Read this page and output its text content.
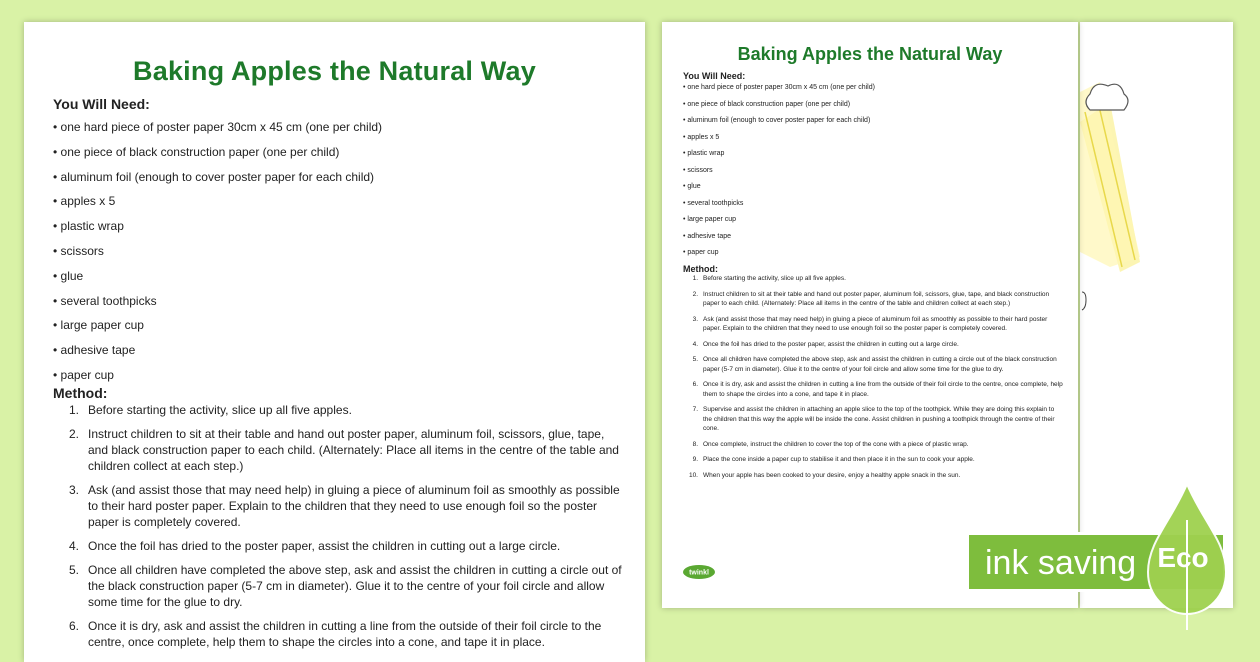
Baking Apples the Natural Way
You Will Need:
• one hard piece of poster paper 30cm x 45 cm (one per child)
• one piece of black construction paper (one per child)
• aluminum foil (enough to cover poster paper for each child)
• apples x 5
• plastic wrap
• scissors
• glue
• several toothpicks
• large paper cup
• adhesive tape
• paper cup
Method:
1. Before starting the activity, slice up all five apples.
2. Instruct children to sit at their table and hand out poster paper, aluminum foil, scissors, glue, tape, and black construction paper to each child. (Alternately: Place all items in the centre of the table and children collect at each step.)
3. Ask (and assist those that may need help) in gluing a piece of aluminum foil as smoothly as possible to their hard poster paper. Explain to the children that they need to use enough foil so the poster paper is completely covered.
4. Once the foil has dried to the poster paper, assist the children in cutting out a large circle.
5. Once all children have completed the above step, ask and assist the children in cutting a circle out of the black construction paper (5-7 cm in diameter). Glue it to the centre of your foil circle and allow some time for the glue to dry.
6. Once it is dry, ask and assist the children in cutting a line from the outside of their foil circle to the centre, once complete, help them to shape the circles into a cone, and tape it in place.
Baking Apples the Natural Way
You Will Need:
• one hard piece of poster paper 30cm x 45 cm (one per child)
• one piece of black construction paper (one per child)
• aluminum foil (enough to cover poster paper for each child)
• apples x 5
• plastic wrap
• scissors
• glue
• several toothpicks
• large paper cup
• adhesive tape
• paper cup
Method:
1. Before starting the activity, slice up all five apples.
2. Instruct children to sit at their table and hand out poster paper, aluminum foil, scissors, glue, tape, and black construction paper to each child. (Alternately: Place all items in the centre of the table and children collect at each step.)
3. Ask (and assist those that may need help) in gluing a piece of aluminum foil as smoothly as possible to their hard poster paper. Explain to the children that they need to use enough foil so the poster paper is completely covered.
4. Once the foil has dried to the poster paper, assist the children in cutting out a large circle.
5. Once all children have completed the above step, ask and assist the children in cutting a circle out of the black construction paper (5-7 cm in diameter). Glue it to the centre of your foil circle and allow some time for the glue to dry.
6. Once it is dry, ask and assist the children in cutting a line from the outside of their foil circle to the centre, once complete, help them to shape the circles into a cone, and tape it in place.
7. Supervise and assist the children in attaching an apple slice to the top of the toothpick. While they are doing this explain to the children that this way the apple will be inside the cone. Assist children in pushing a toothpick through the centre of their cone.
8. Once complete, instruct the children to cover the top of the cone with a piece of plastic wrap.
9. Place the cone inside a paper cup to stabilise it and then place it in the sun to cook your apple.
10. When your apple has been cooked to your desire, enjoy a healthy apple snack in the sun.
twinkl	ink saving Eco
